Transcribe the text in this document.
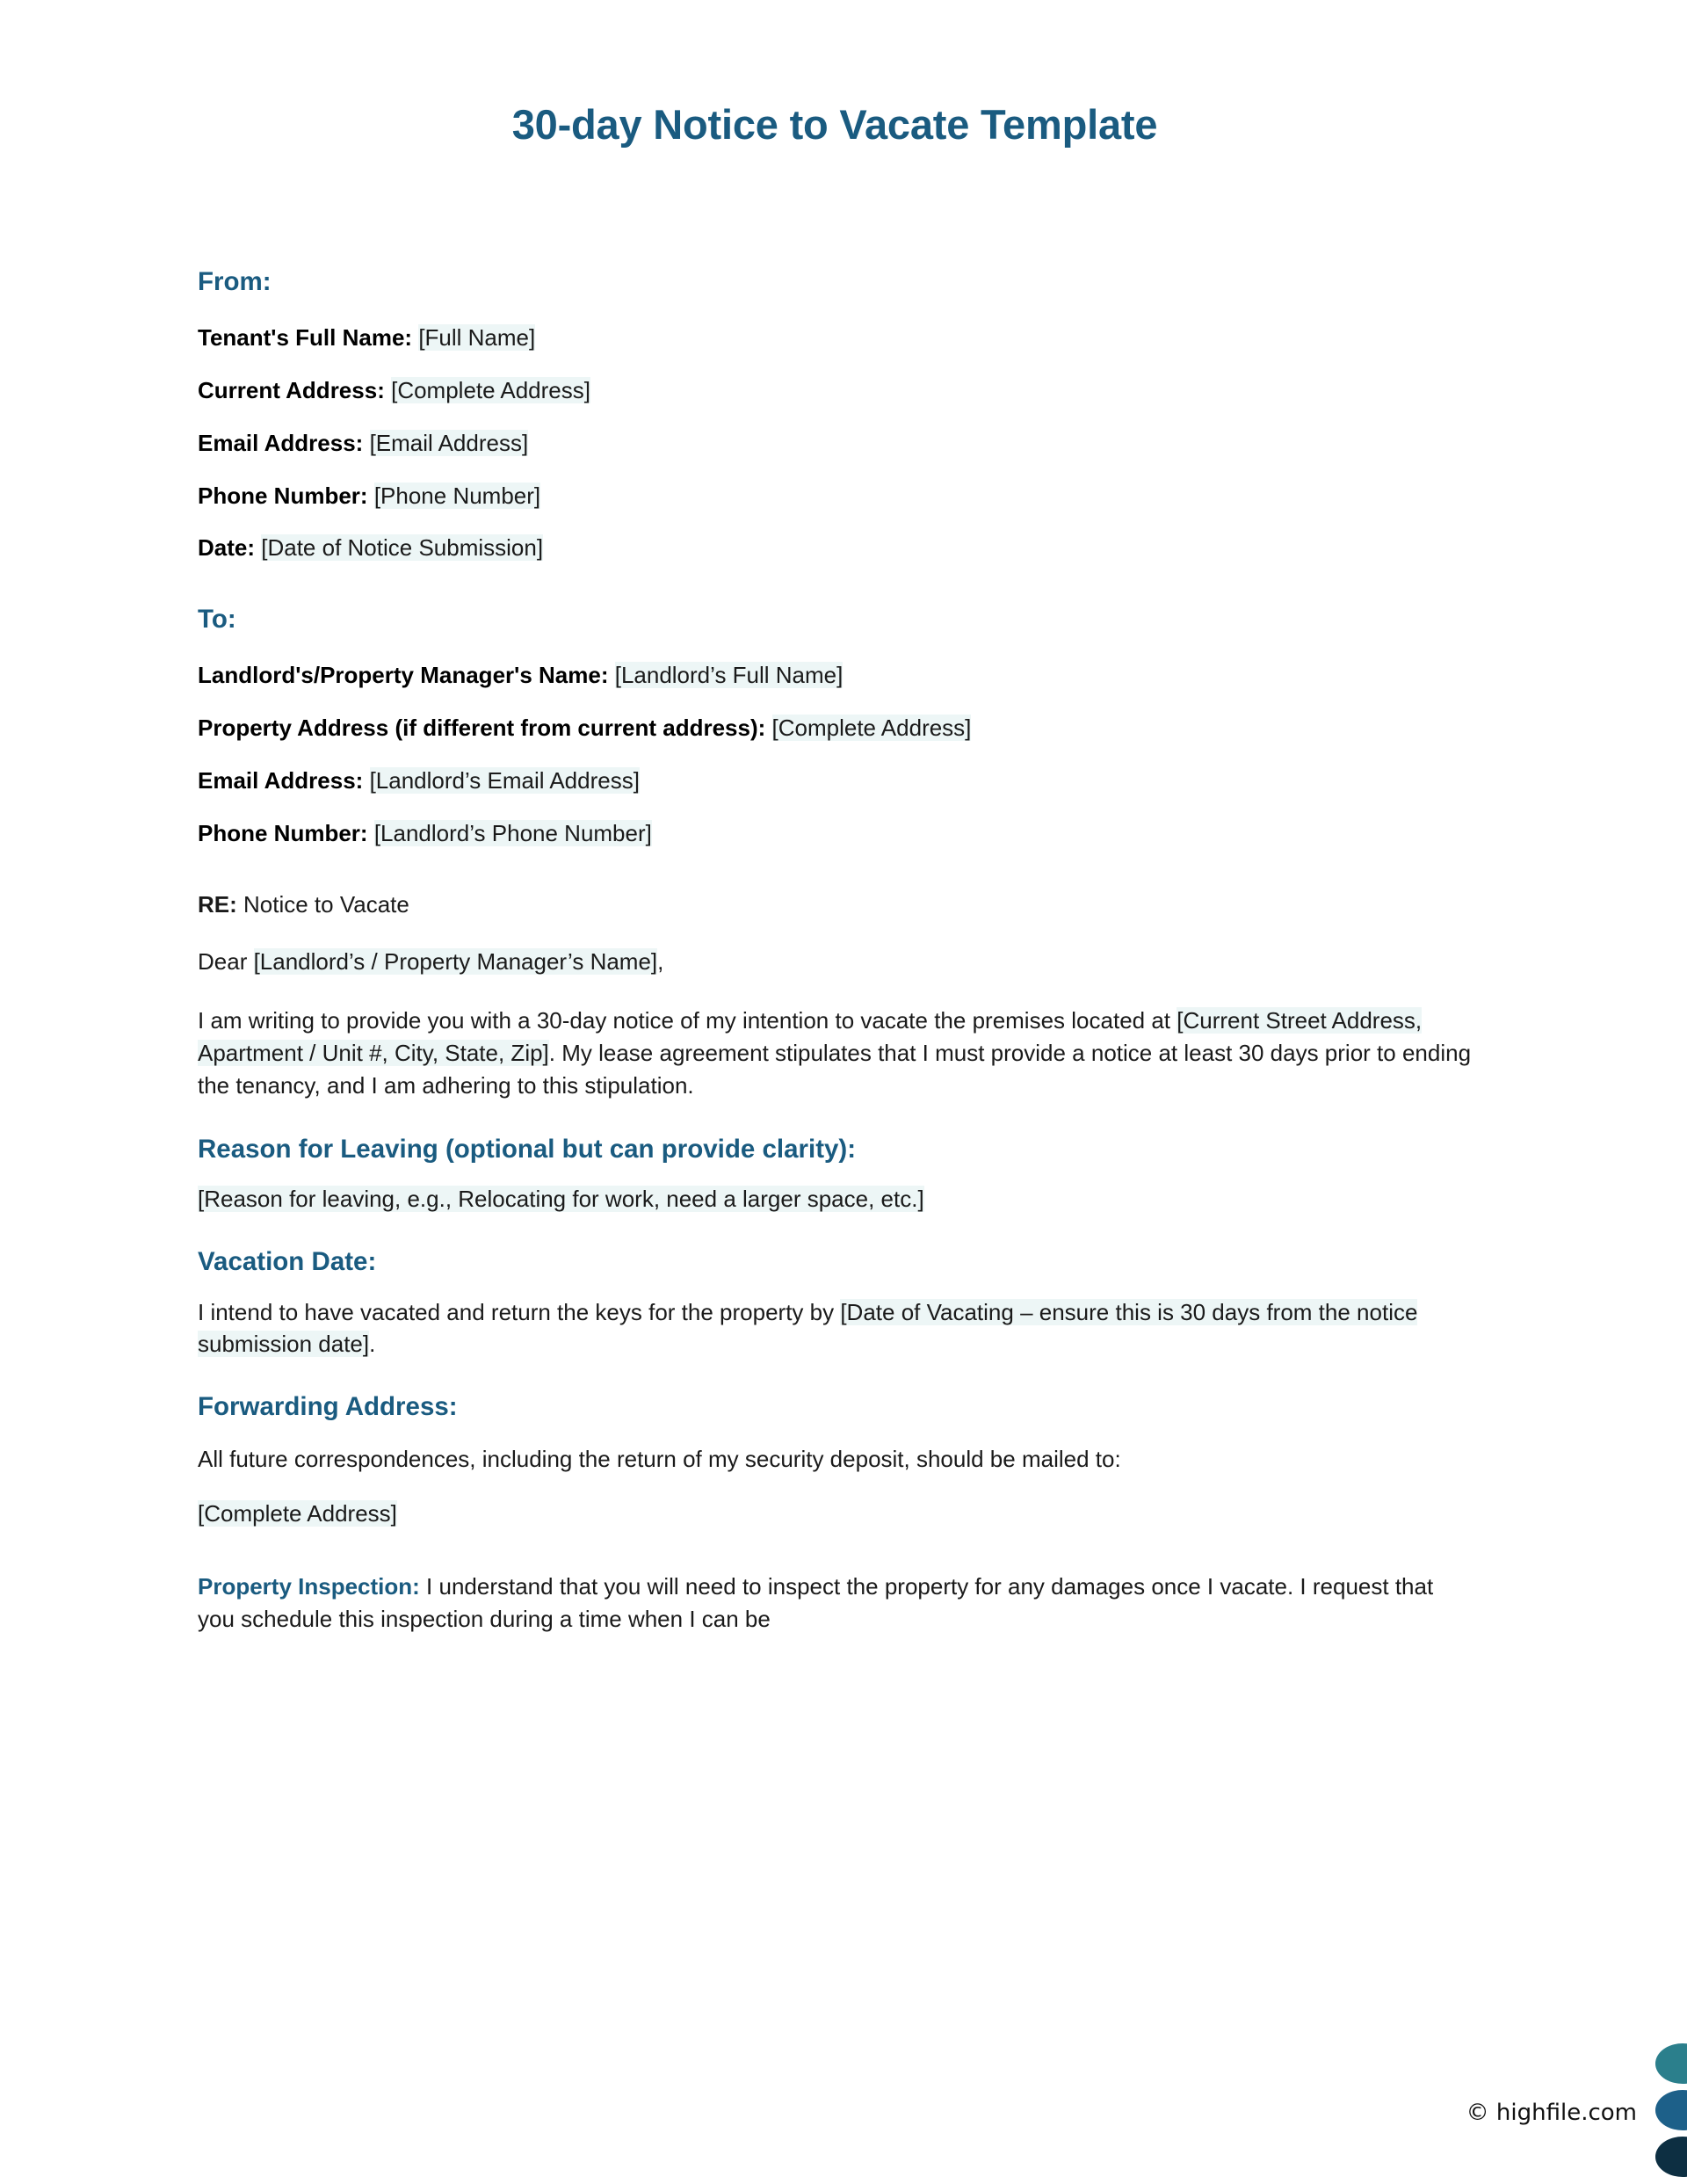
30-day Notice to Vacate Template
From:
Tenant's Full Name: [Full Name]
Current Address: [Complete Address]
Email Address: [Email Address]
Phone Number: [Phone Number]
Date: [Date of Notice Submission]
To:
Landlord's/Property Manager's Name: [Landlord’s Full Name]
Property Address (if different from current address): [Complete Address]
Email Address: [Landlord’s Email Address]
Phone Number: [Landlord’s Phone Number]
RE: Notice to Vacate
Dear [Landlord’s / Property Manager’s Name],
I am writing to provide you with a 30-day notice of my intention to vacate the premises located at [Current Street Address, Apartment / Unit #, City, State, Zip]. My lease agreement stipulates that I must provide a notice at least 30 days prior to ending the tenancy, and I am adhering to this stipulation.
Reason for Leaving (optional but can provide clarity):
[Reason for leaving, e.g., Relocating for work, need a larger space, etc.]
Vacation Date:
I intend to have vacated and return the keys for the property by [Date of Vacating – ensure this is 30 days from the notice submission date].
Forwarding Address:
All future correspondences, including the return of my security deposit, should be mailed to:
[Complete Address]
Property Inspection: I understand that you will need to inspect the property for any damages once I vacate. I request that you schedule this inspection during a time when I can be
© highfile.com
